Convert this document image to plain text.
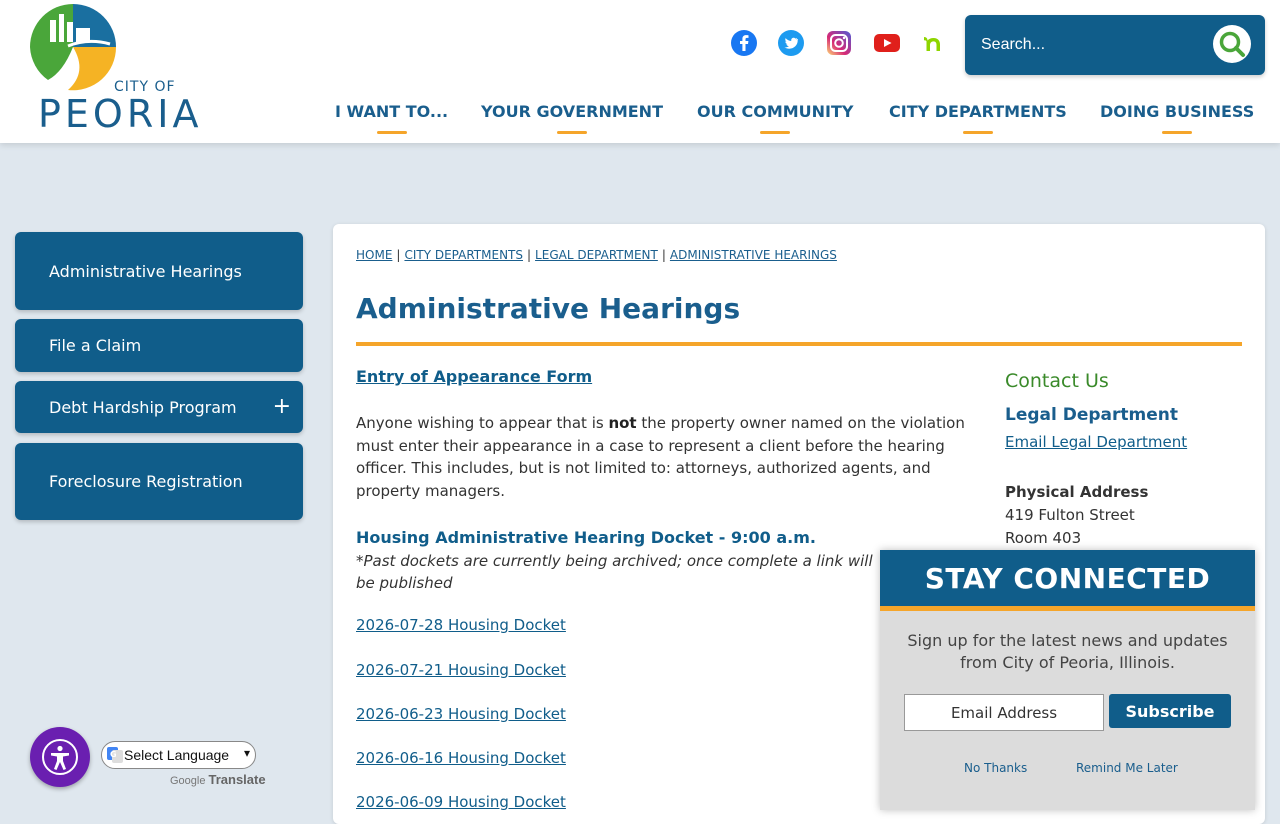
CITY OF
PEORIA
Search...	I WANT TO... YOUR GOVERNMENT OUR COMMUNITY CITY DEPARTMENTS DOING BUSINESS
Administrative Hearings
File a Claim
Debt Hardship Program	+
Foreclosure Registration
HOME | CITY DEPARTMENTS | LEGAL DEPARTMENT | ADMINISTRATIVE HEARINGS
Administrative Hearings
Entry of Appearance Form

Anyone wishing to appear that is not the property owner named on the violation must enter their appearance in a case to represent a client before the hearing officer. This includes, but is not limited to: attorneys, authorized agents, and property managers.

Housing Administrative Hearing Docket - 9:00 a.m.
*Past dockets are currently being archived; once complete a link will be published
2026-07-28 Housing Docket
2026-07-21 Housing Docket
2026-06-23 Housing Docket
2026-06-16 Housing Docket
2026-06-09 Housing Docket
Contact Us
Legal Department
Email Legal Department
Physical Address
419 Fulton Street
Room 403
STAY CONNECTED
Sign up for the latest news and updates from City of Peoria, Illinois.
Email Address
Subscribe
No Thanks	Remind Me Later
G Select Language ▾
Google Translate
